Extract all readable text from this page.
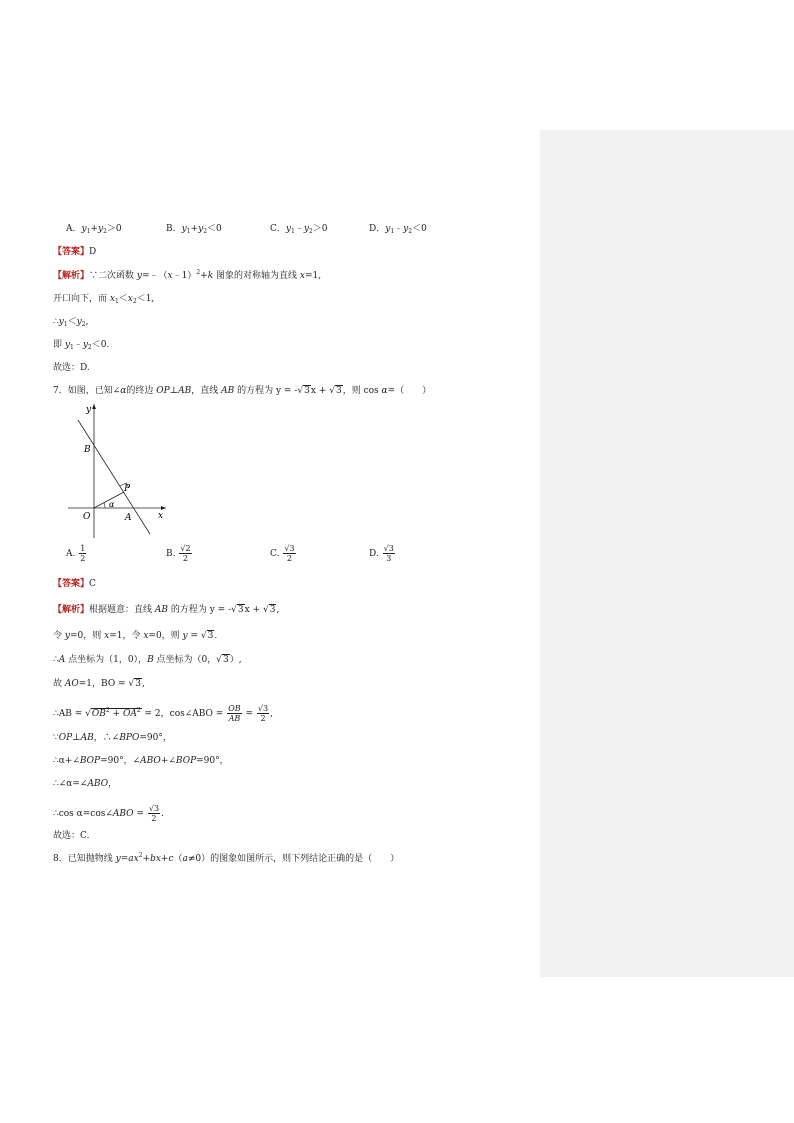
A．$y_1+y_2>0$	B．$y_1+y_2<0$	C．$y_1﹣y_2>0$	D．$y_1﹣y_2<0$
【答案】D
【解析】∵二次函数 y=﹣（x﹣1）$^2$+k 图象的对称轴为直线 x=1,
开口向下，而 $x_1<x_2<1$,
$\therefore y_1<y_2$,
即 $y_1﹣y_2<0$.
故选：D.
7．如图，已知∠α的终边 OP⊥AB，直线 AB 的方程为 y = -√3x + √3，则 cos α=（　　）
y
x
B
P
O	A
α
A. $\frac{1}{2}$	B. $\frac{√2}{2}$	C. $\frac{√3}{2}$	D. $\frac{√3}{3}$
【答案】C
【解析】根据题意：直线 AB 的方程为 y = -√3x + √3,
令 y=0，则 x=1，令 x=0，则 y = √3.
∴A 点坐标为（1，0），B 点坐标为（0，√3）,
故 AO=1，BO = √3,
∴AB = $√OB^2 + OA^2 = 2$，cos∠ABO = $\frac{OB}{AB} = \frac{√3}{2}$ ,
∵OP⊥AB，∴∠BPO=90°，
∴α+∠BOP=90°，∠ABO+∠BOP=90°，
∴∠α=∠ABO，
∴cos α=cos∠ABO = $\frac{√3}{2}$ .
故选：C.
8．已知抛物线 $y=ax^2+bx+c(a\ne 0)$的图象如图所示，则下列结论正确的是（　　）
